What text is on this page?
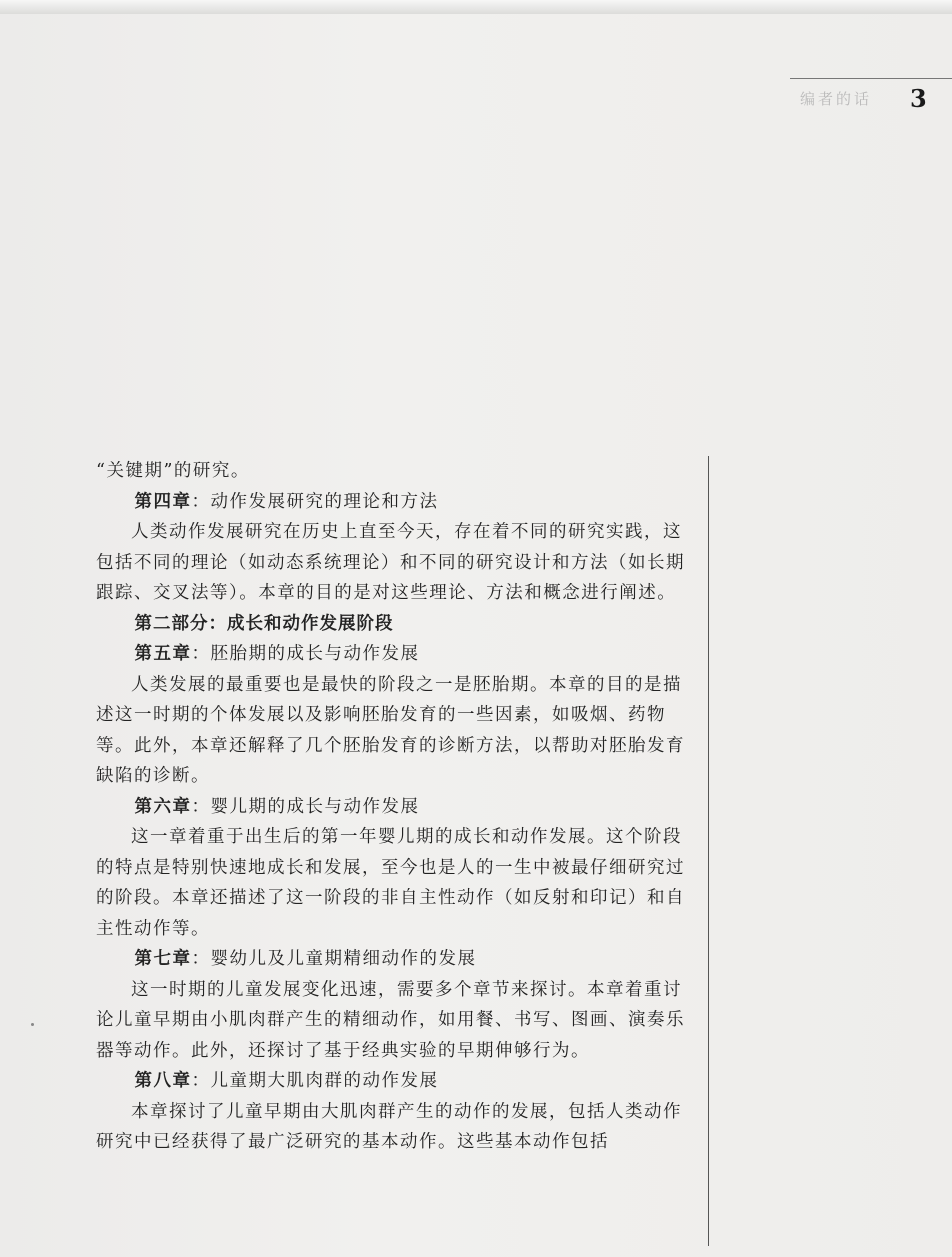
编者的话 3

“关键期”的研究。

第四章：动作发展研究的理论和方法

人类动作发展研究在历史上直至今天，存在着不同的研究实践，这包括不同的理论（如动态系统理论）和不同的研究设计和方法（如长期跟踪、交叉法等）。本章的目的是对这些理论、方法和概念进行阐述。

第二部分：成长和动作发展阶段

第五章：胚胎期的成长与动作发展

人类发展的最重要也是最快的阶段之一是胚胎期。本章的目的是描述这一时期的个体发展以及影响胚胎发育的一些因素，如吸烟、药物等。此外，本章还解释了几个胚胎发育的诊断方法，以帮助对胚胎发育缺陷的诊断。

第六章：婴儿期的成长与动作发展

这一章着重于出生后的第一年婴儿期的成长和动作发展。这个阶段的特点是特别快速地成长和发展，至今也是人的一生中被最仔细研究过的阶段。本章还描述了这一阶段的非自主性动作（如反射和印记）和自主性动作等。

第七章：婴幼儿及儿童期精细动作的发展

这一时期的儿童发展变化迅速，需要多个章节来探讨。本章着重讨论儿童早期由小肌肉群产生的精细动作，如用餐、书写、图画、演奏乐器等动作。此外，还探讨了基于经典实验的早期伸够行为。

第八章：儿童期大肌肉群的动作发展

本章探讨了儿童早期由大肌肉群产生的动作的发展，包括人类动作研究中已经获得了最广泛研究的基本动作。这些基本动作包括
